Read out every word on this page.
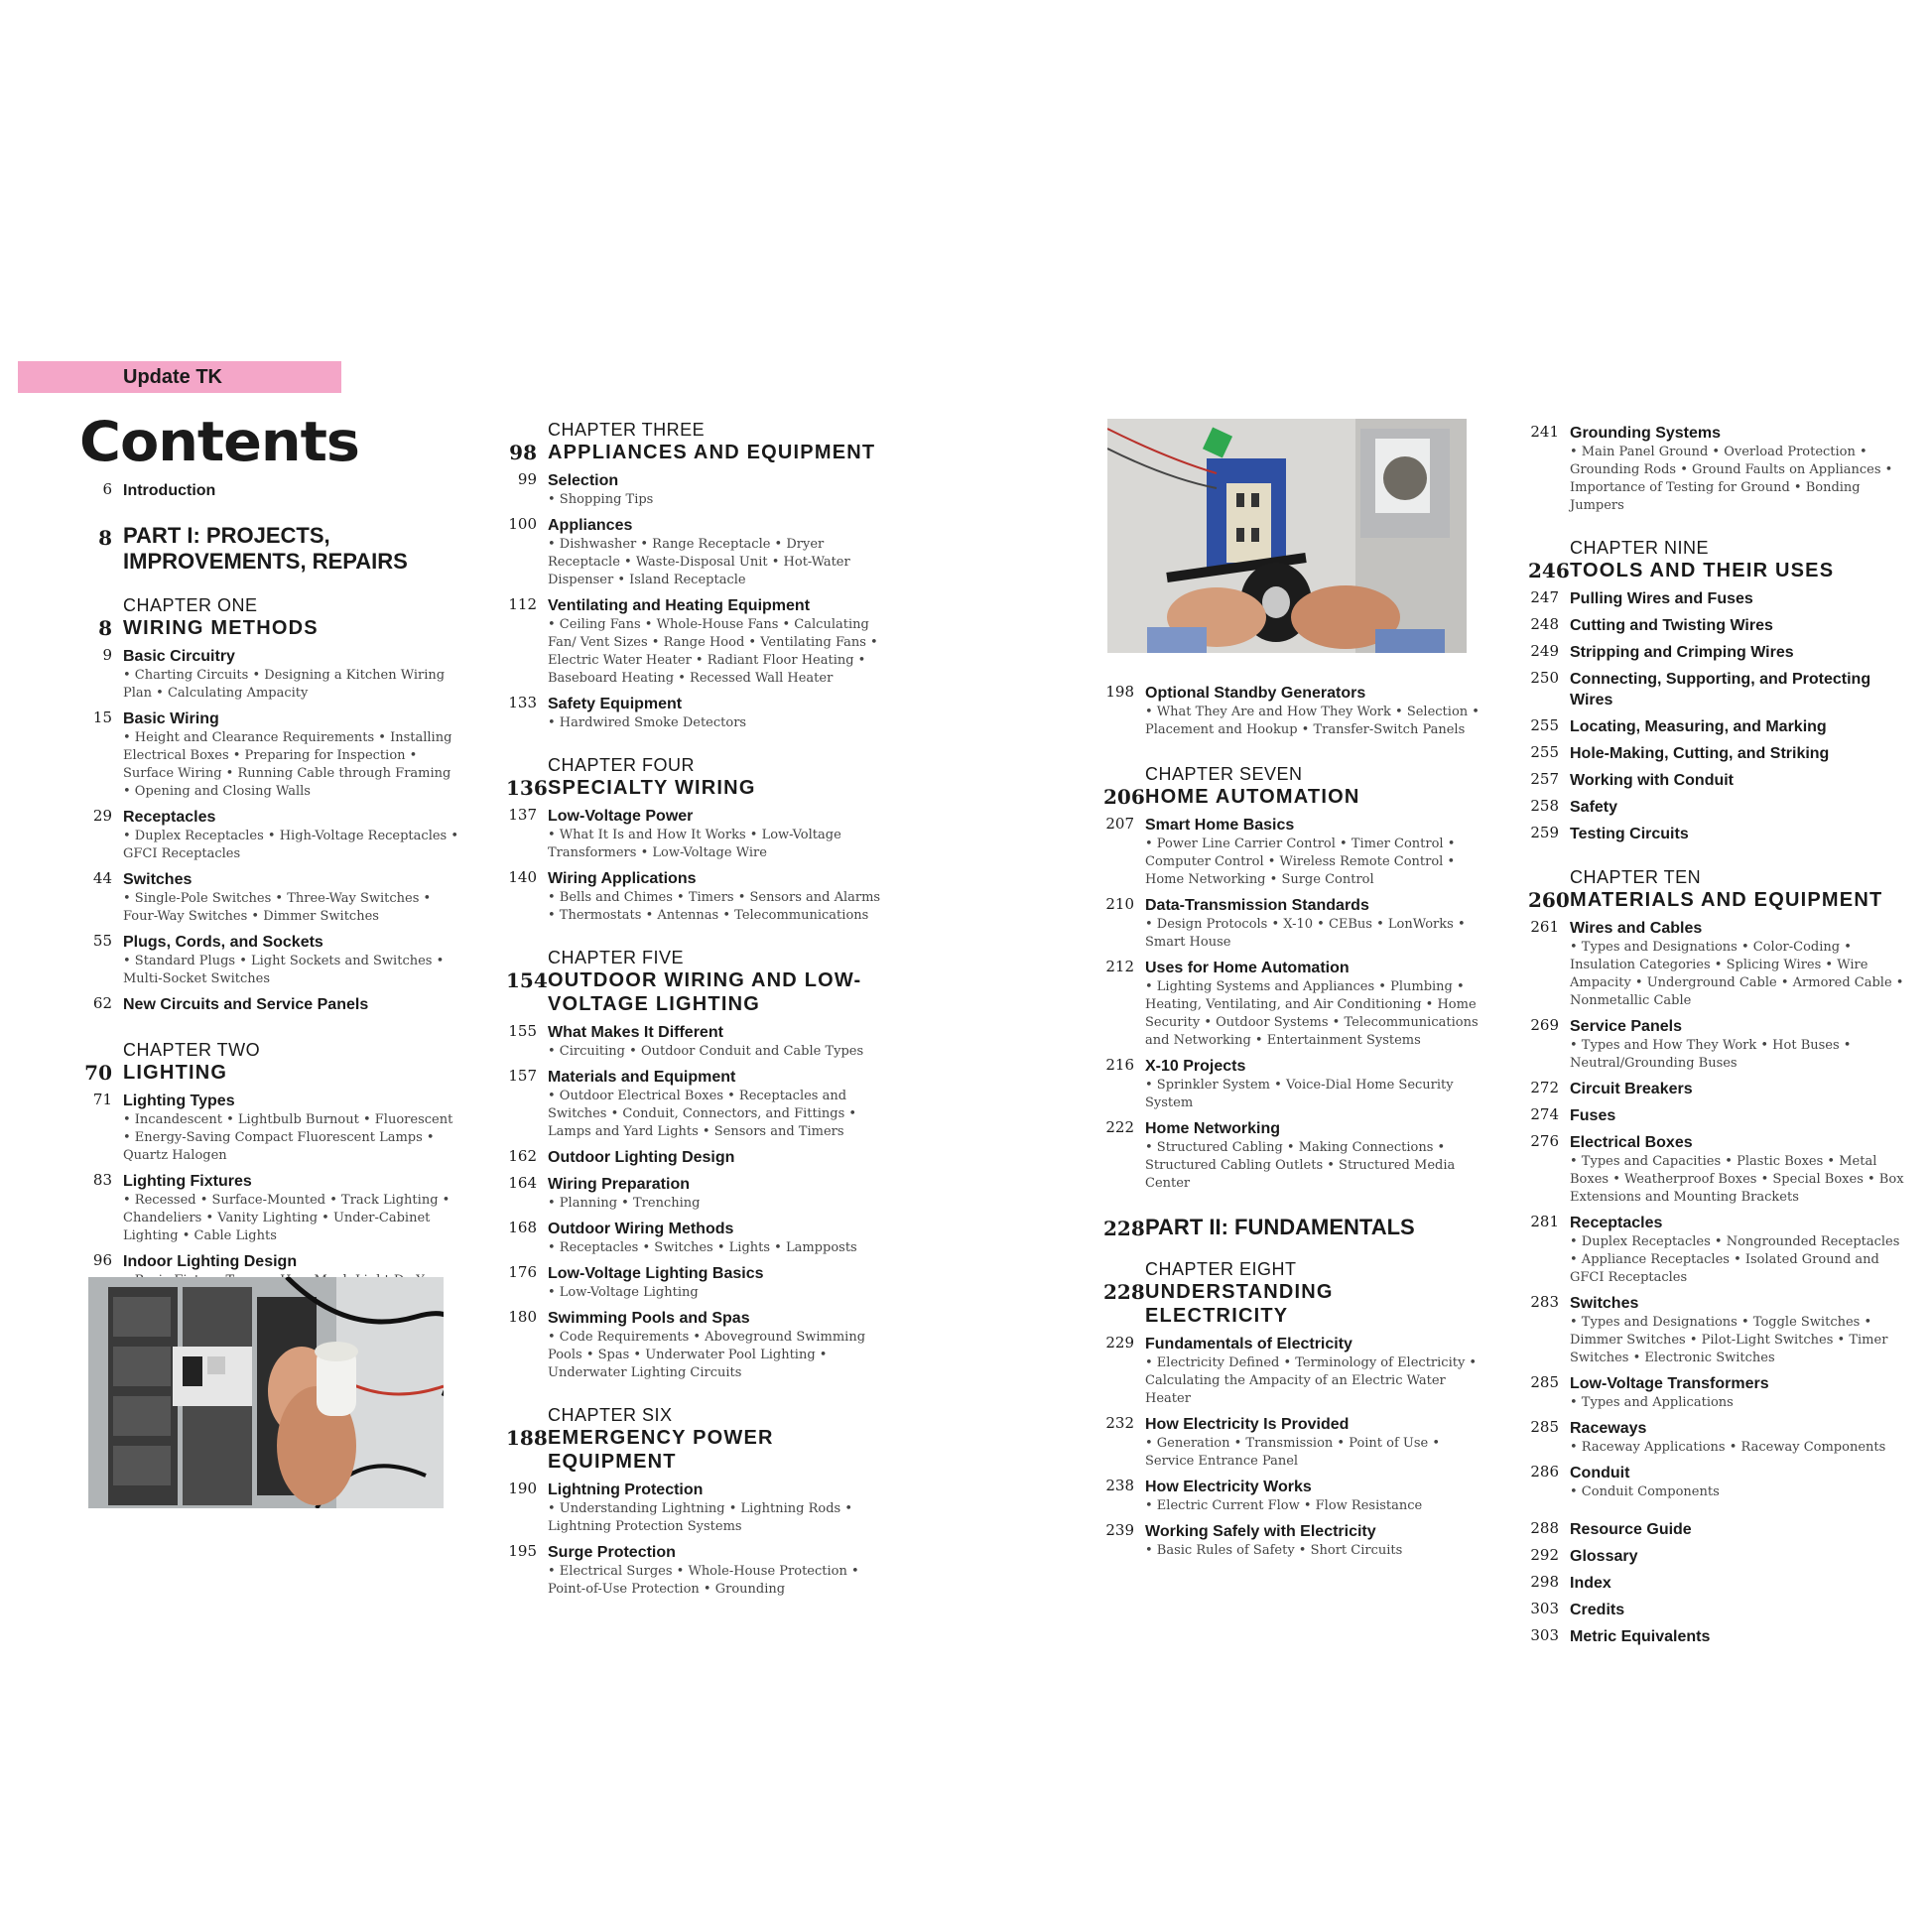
Update TK
Contents
6 Introduction
8 PART I: PROJECTS, IMPROVEMENTS, REPAIRS
CHAPTER ONE
8 WIRING METHODS
9 Basic Circuitry
• Charting Circuits • Designing a Kitchen Wiring Plan • Calculating Ampacity
15 Basic Wiring
• Height and Clearance Requirements • Installing Electrical Boxes • Preparing for Inspection • Surface Wiring • Running Cable through Framing • Opening and Closing Walls
29 Receptacles
• Duplex Receptacles • High-Voltage Receptacles • GFCI Receptacles
44 Switches
• Single-Pole Switches • Three-Way Switches • Four-Way Switches • Dimmer Switches
55 Plugs, Cords, and Sockets
• Standard Plugs • Light Sockets and Switches • Multi-Socket Switches
62 New Circuits and Service Panels
CHAPTER TWO
70 LIGHTING
71 Lighting Types
• Incandescent • Lightbulb Burnout • Fluorescent • Energy-Saving Compact Fluorescent Lamps • Quartz Halogen
83 Lighting Fixtures
• Recessed • Surface-Mounted • Track Lighting • Chandeliers • Vanity Lighting • Under-Cabinet Lighting • Cable Lights
96 Indoor Lighting Design
CHAPTER THREE
98 APPLIANCES AND EQUIPMENT
99 Selection
• Shopping Tips
100 Appliances
• Dishwasher • Range Receptacle • Dryer Receptacle • Waste-Disposal Unit • Hot-Water Dispenser • Island Receptacle
112 Ventilating and Heating Equipment
• Ceiling Fans • Whole-House Fans • Calculating Fan/ Vent Sizes • Range Hood • Ventilating Fans • Electric Water Heater • Radiant Floor Heating • Baseboard Heating • Recessed Wall Heater
133 Safety Equipment
• Hardwired Smoke Detectors
CHAPTER FOUR
136 SPECIALTY WIRING
137 Low-Voltage Power
• What It Is and How It Works • Low-Voltage Transformers • Low-Voltage Wire
140 Wiring Applications
• Bells and Chimes • Timers • Sensors and Alarms • Thermostats • Antennas • Telecommunications
CHAPTER FIVE
154 OUTDOOR WIRING AND LOW-VOLTAGE LIGHTING
155 What Makes It Different
• Circuiting • Outdoor Conduit and Cable Types
157 Materials and Equipment
• Outdoor Electrical Boxes • Receptacles and Switches • Conduit, Connectors, and Fittings • Lamps and Yard Lights • Sensors and Timers
162 Outdoor Lighting Design
164 Wiring Preparation
• Planning • Trenching
168 Outdoor Wiring Methods
• Receptacles • Switches • Lights • Lampposts
176 Low-Voltage Lighting Basics
• Low-Voltage Lighting
180 Swimming Pools and Spas
• Code Requirements • Aboveground Swimming Pools • Spas • Underwater Pool Lighting • Underwater Lighting Circuits
CHAPTER SIX
188 EMERGENCY POWER EQUIPMENT
190 Lightning Protection
• Understanding Lightning • Lightning Rods • Lightning Protection Systems
195 Surge Protection
• Electrical Surges • Whole-House Protection • Point-of-Use Protection • Grounding
198 Optional Standby Generators
• What They Are and How They Work • Selection • Placement and Hookup • Transfer-Switch Panels
CHAPTER SEVEN
206 HOME AUTOMATION
207 Smart Home Basics
• Power Line Carrier Control • Timer Control • Computer Control • Wireless Remote Control • Home Networking • Surge Control
210 Data-Transmission Standards
• Design Protocols • X-10 • CEBus • LonWorks • Smart House
212 Uses for Home Automation
• Lighting Systems and Appliances • Plumbing • Heating, Ventilating, and Air Conditioning • Home Security • Outdoor Systems • Telecommunications and Networking • Entertainment Systems
216 X-10 Projects
• Sprinkler System • Voice-Dial Home Security System
222 Home Networking
• Structured Cabling • Making Connections • Structured Cabling Outlets • Structured Media Center
228 PART II: FUNDAMENTALS
CHAPTER EIGHT
228 UNDERSTANDING ELECTRICITY
229 Fundamentals of Electricity
• Electricity Defined • Terminology of Electricity • Calculating the Ampacity of an Electric Water Heater
232 How Electricity Is Provided
• Generation • Transmission • Point of Use • Service Entrance Panel
238 How Electricity Works
• Electric Current Flow • Flow Resistance
239 Working Safely with Electricity
• Basic Rules of Safety • Short Circuits
241 Grounding Systems
• Main Panel Ground • Overload Protection • Grounding Rods • Ground Faults on Appliances • Importance of Testing for Ground • Bonding Jumpers
CHAPTER NINE
246 TOOLS AND THEIR USES
247 Pulling Wires and Fuses
248 Cutting and Twisting Wires
249 Stripping and Crimping Wires
250 Connecting, Supporting, and Protecting Wires
255 Locating, Measuring, and Marking
255 Hole-Making, Cutting, and Striking
257 Working with Conduit
258 Safety
259 Testing Circuits
CHAPTER TEN
260 MATERIALS AND EQUIPMENT
261 Wires and Cables
• Types and Designations • Color-Coding • Insulation Categories • Splicing Wires • Wire Ampacity • Underground Cable • Armored Cable • Nonmetallic Cable
269 Service Panels
• Types and How They Work • Hot Buses • Neutral/Grounding Buses
272 Circuit Breakers
274 Fuses
276 Electrical Boxes
• Types and Capacities • Plastic Boxes • Metal Boxes • Weatherproof Boxes • Special Boxes • Box Extensions and Mounting Brackets
281 Receptacles
• Duplex Receptacles • Nongrounded Receptacles • Appliance Receptacles • Isolated Ground and GFCI Receptacles
283 Switches
• Types and Designations • Toggle Switches • Dimmer Switches • Pilot-Light Switches • Timer Switches • Electronic Switches
285 Low-Voltage Transformers
• Types and Applications
285 Raceways
• Raceway Applications • Raceway Components
286 Conduit
• Conduit Components
288 Resource Guide
292 Glossary
298 Index
303 Credits
303 Metric Equivalents
